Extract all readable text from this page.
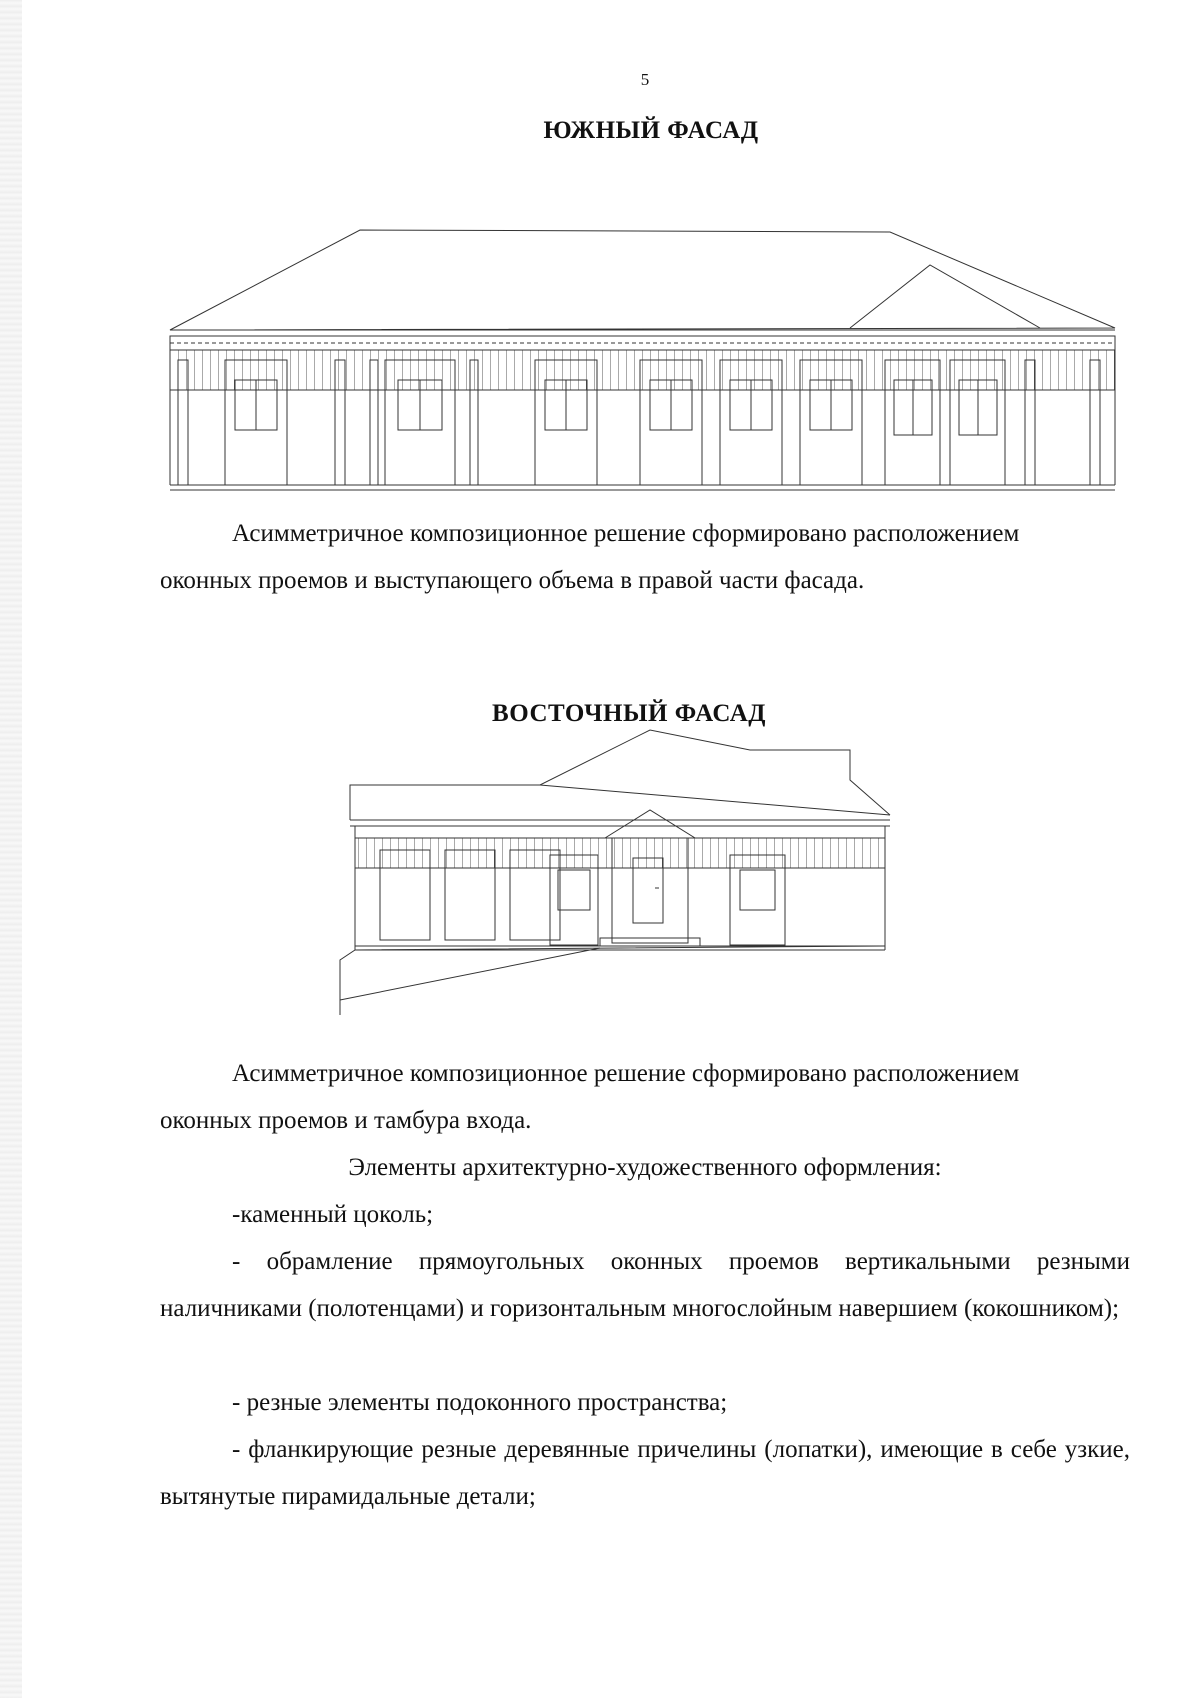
5
ЮЖНЫЙ ФАСАД
Асимметричное композиционное решение сформировано расположением
оконных проемов и выступающего объема в правой части фасада.
ВОСТОЧНЫЙ ФАСАД
Асимметричное композиционное решение сформировано расположением
оконных проемов и тамбура входа.
Элементы архитектурно-художественного оформления:
-каменный цоколь;
- обрамление прямоугольных оконных проемов вертикальными резными наличниками (полотенцами) и горизонтальным многослойным навершием (кокошником);
- резные элементы подоконного пространства;
- фланкирующие резные деревянные причелины (лопатки), имеющие в себе узкие, вытянутые пирамидальные детали;
